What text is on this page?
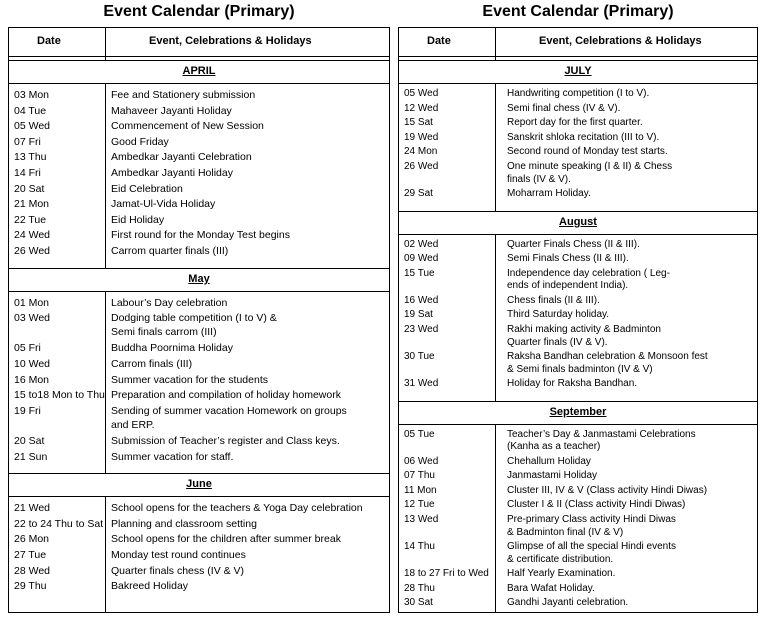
Event Calendar (Primary)
Date	Event, Celebrations & Holidays
APRIL
03 Mon	Fee and Stationery submission
04 Tue	Mahaveer Jayanti Holiday
05 Wed	Commencement of New Session
07 Fri	Good Friday
13 Thu	Ambedkar Jayanti Celebration
14 Fri	Ambedkar Jayanti Holiday
20 Sat	Eid Celebration
21 Mon	Jamat-Ul-Vida Holiday
22 Tue	Eid Holiday
24 Wed	First round for the Monday Test begins
26 Wed	Carrom quarter finals (III)
May
01 Mon	Labour’s Day celebration
03 Wed	Dodging table competition (I to V) &
Semi finals carrom (III)
05 Fri	Buddha Poornima Holiday
10 Wed	Carrom finals (III)
16 Mon	Summer vacation for the students
15 to18 Mon to Thu Preparation and compilation of holiday homework
19 Fri	Sending of summer vacation Homework on groups
and ERP.
20 Sat	Submission of Teacher’s register and Class keys.
21 Sun	Summer vacation for staff.
June
21 Wed	School opens for the teachers & Yoga Day celebration
22 to 24 Thu to Sat Planning and classroom setting
26 Mon	School opens for the children after summer break
27 Tue	Monday test round continues
28 Wed	Quarter finals chess (IV & V)
29 Thu	Bakreed Holiday
Event Calendar (Primary)
Date	Event, Celebrations & Holidays
JULY
05 Wed	Handwriting competition (I to V).
12 Wed	Semi final chess (IV & V).
15 Sat	Report day for the first quarter.
19 Wed	Sanskrit shloka recitation (III to V).
24 Mon	Second round of Monday test starts.
26 Wed	One minute speaking (I & II) & Chess
finals (IV & V).
29 Sat	Moharram Holiday.
August
02 Wed	Quarter Finals Chess (II & III).
09 Wed	Semi Finals Chess (II & III).
15 Tue	Independence day celebration ( Leg-
ends of independent India).
16 Wed	Chess finals (II & III).
19 Sat	Third Saturday holiday.
23 Wed	Rakhi making activity & Badminton
Quarter finals (IV & V).
30 Tue	Raksha Bandhan celebration & Monsoon fest
& Semi finals badminton (IV & V)
31 Wed	Holiday for Raksha Bandhan.
September
05 Tue	Teacher’s Day & Janmastami Celebrations
(Kanha as a teacher)
06 Wed	Chehallum Holiday
07 Thu	Janmastami Holiday
11 Mon	Cluster III, IV & V (Class activity Hindi Diwas)
12 Tue	Cluster I & II (Class activity Hindi Diwas)
13 Wed	Pre-primary Class activity Hindi Diwas
& Badminton final (IV & V)
14 Thu	Glimpse of all the special Hindi events
& certificate distribution.
18 to 27 Fri to Wed Half Yearly Examination.
28 Thu	Bara Wafat Holiday.
30 Sat	Gandhi Jayanti celebration.
